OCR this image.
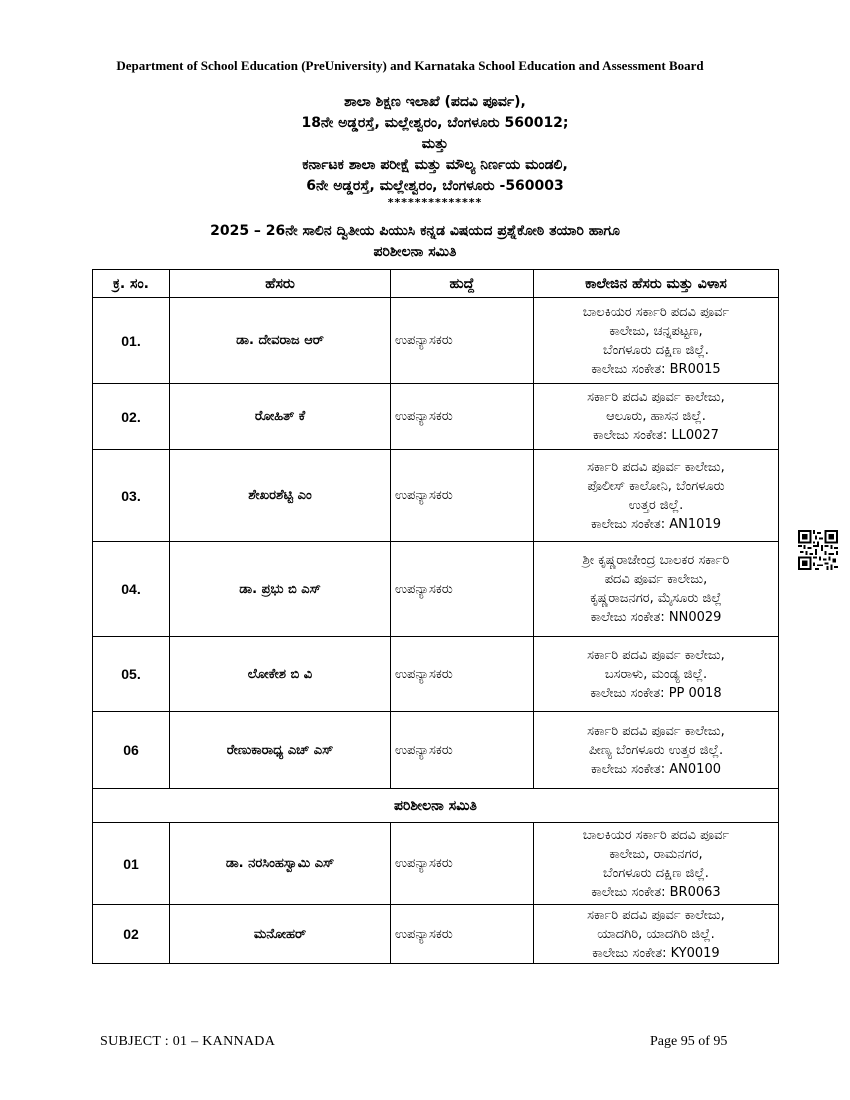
Department of School Education (PreUniversity) and Karnataka School Education and Assessment Board
ಶಾಲಾ ಶಿಕ್ಷಣ ಇಲಾಖೆ (ಪದವಿ ಪೂರ್ವ),
18ನೇ ಅಡ್ಡರಸ್ತೆ, ಮಲ್ಲೇಶ್ವರಂ, ಬೆಂಗಳೂರು 560012;
ಮತ್ತು
ಕರ್ನಾಟಕ ಶಾಲಾ ಪರೀಕ್ಷೆ ಮತ್ತು ಮೌಲ್ಯ ನಿರ್ಣಯ ಮಂಡಲಿ,
6ನೇ ಅಡ್ಡರಸ್ತೆ, ಮಲ್ಲೇಶ್ವರಂ, ಬೆಂಗಳೂರು -560003
**************
2025 – 26ನೇ ಸಾಲಿನ ದ್ವಿತೀಯ ಪಿಯುಸಿ ಕನ್ನಡ ವಿಷಯದ ಪ್ರಶ್ನೆಕೋಠಿ ತಯಾರಿ ಹಾಗೂ
ಪರಿಶೀಲನಾ ಸಮಿತಿ
ಕ್ರ. ಸಂ.	ಹೆಸರು	ಹುದ್ದೆ	ಕಾಲೇಜಿನ ಹೆಸರು ಮತ್ತು ವಿಳಾಸ
01.	ಡಾ. ದೇವರಾಜ ಆರ್	ಉಪನ್ಯಾಸಕರು	ಬಾಲಕಿಯರ ಸರ್ಕಾರಿ ಪದವಿ ಪೂರ್ವ
ಕಾಲೇಜು, ಚನ್ನಪಟ್ಟಣ,
ಬೆಂಗಳೂರು ದಕ್ಷಿಣ ಜಿಲ್ಲೆ.
ಕಾಲೇಜು ಸಂಕೇತ: BR0015

02.	ರೋಹಿತ್ ಕೆ	ಉಪನ್ಯಾಸಕರು	ಸರ್ಕಾರಿ ಪದವಿ ಪೂರ್ವ ಕಾಲೇಜು,
ಆಲೂರು, ಹಾಸನ ಜಿಲ್ಲೆ.
ಕಾಲೇಜು ಸಂಕೇತ: LL0027

03.	ಶೇಖರಶೆಟ್ಟಿ ಎಂ	ಉಪನ್ಯಾಸಕರು	ಸರ್ಕಾರಿ ಪದವಿ ಪೂರ್ವ ಕಾಲೇಜು,
ಪೊಲೀಸ್ ಕಾಲೋನಿ, ಬೆಂಗಳೂರು
ಉತ್ತರ ಜಿಲ್ಲೆ.
ಕಾಲೇಜು ಸಂಕೇತ: AN1019

04.	ಡಾ. ಪ್ರಭು ಬಿ ಎಸ್	ಉಪನ್ಯಾಸಕರು	ಶ್ರೀ ಕೃಷ್ಣರಾಜೇಂದ್ರ ಬಾಲಕರ ಸರ್ಕಾರಿ
ಪದವಿ ಪೂರ್ವ ಕಾಲೇಜು,
ಕೃಷ್ಣರಾಜನಗರ, ಮೈಸೂರು ಜಿಲ್ಲೆ
ಕಾಲೇಜು ಸಂಕೇತ: NN0029

05.	ಲೋಕೇಶ ಬಿ ವಿ	ಉಪನ್ಯಾಸಕರು	ಸರ್ಕಾರಿ ಪದವಿ ಪೂರ್ವ ಕಾಲೇಜು,
ಬಸರಾಳು, ಮಂಡ್ಯ ಜಿಲ್ಲೆ.
ಕಾಲೇಜು ಸಂಕೇತ: PP 0018

06	ರೇಣುಕಾರಾಧ್ಯ ಎಚ್ ಎಸ್	ಉಪನ್ಯಾಸಕರು	ಸರ್ಕಾರಿ ಪದವಿ ಪೂರ್ವ ಕಾಲೇಜು,
ಪೀಣ್ಯ ಬೆಂಗಳೂರು ಉತ್ತರ ಜಿಲ್ಲೆ.
ಕಾಲೇಜು ಸಂಕೇತ: AN0100

ಪರಿಶೀಲನಾ ಸಮಿತಿ			
01	ಡಾ. ನರಸಿಂಹಸ್ವಾಮಿ ಎಸ್	ಉಪನ್ಯಾಸಕರು	ಬಾಲಕಿಯರ ಸರ್ಕಾರಿ ಪದವಿ ಪೂರ್ವ
ಕಾಲೇಜು, ರಾಮನಗರ,
ಬೆಂಗಳೂರು ದಕ್ಷಿಣ ಜಿಲ್ಲೆ.
ಕಾಲೇಜು ಸಂಕೇತ: BR0063

02	ಮನೋಹರ್	ಉಪನ್ಯಾಸಕರು	ಸರ್ಕಾರಿ ಪದವಿ ಪೂರ್ವ ಕಾಲೇಜು,
ಯಾದಗಿರಿ, ಯಾದಗಿರಿ ಜಿಲ್ಲೆ.
ಕಾಲೇಜು ಸಂಕೇತ: KY0019
SUBJECT : 01 – KANNADA	Page 95 of 95
